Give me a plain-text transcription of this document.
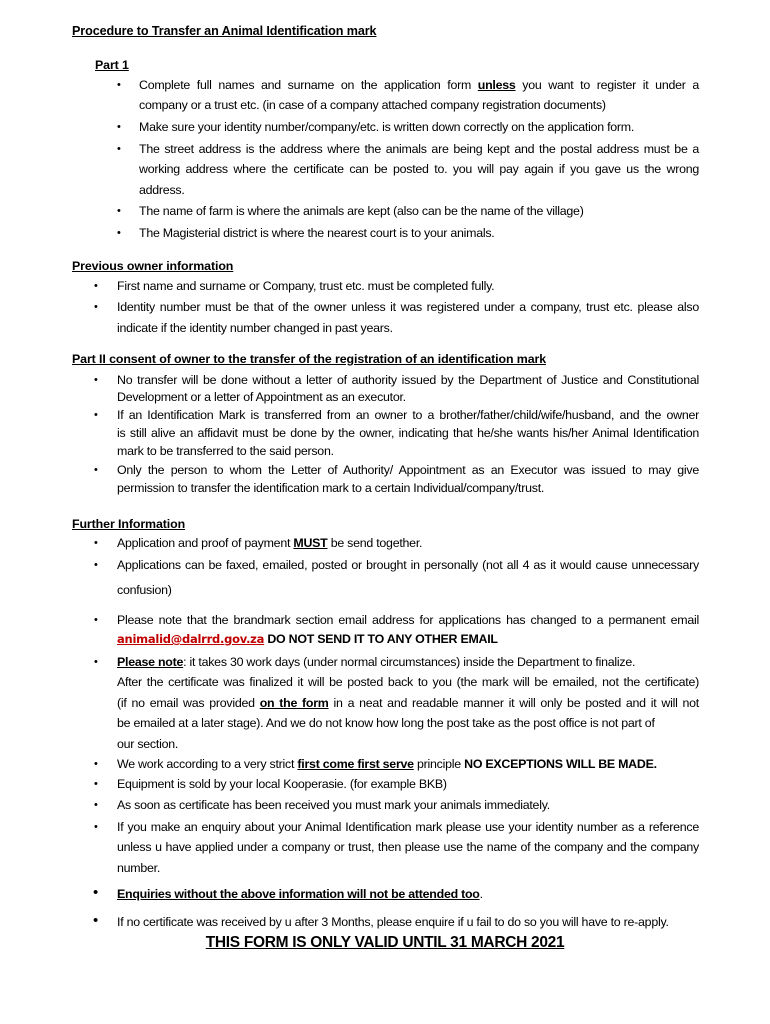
Procedure to Transfer an Animal Identification mark
Part 1
• Complete full names and surname on the application form unless you want to register it under a
company or a trust etc. (in case of a company attached company registration documents)
• Make sure your identity number/company/etc. is written down correctly on the application form.
• The street address is the address where the animals are being kept and the postal address must be a
working address where the certificate can be posted to. you will pay again if you gave us the wrong
address.
• The name of farm is where the animals are kept (also can be the name of the village)
• The Magisterial district is where the nearest court is to your animals.
Previous owner information
• First name and surname or Company, trust etc. must be completed fully.
• Identity number must be that of the owner unless it was registered under a company, trust etc. please also
indicate if the identity number changed in past years.
Part II consent of owner to the transfer of the registration of an identification mark
• No transfer will be done without a letter of authority issued by the Department of Justice and Constitutional
Development or a letter of Appointment as an executor.
• If an Identification Mark is transferred from an owner to a brother/father/child/wife/husband, and the owner
is still alive an affidavit must be done by the owner, indicating that he/she wants his/her Animal Identification
mark to be transferred to the said person.
• Only the person to whom the Letter of Authority/ Appointment as an Executor was issued to may give
permission to transfer the identification mark to a certain Individual/company/trust.
Further Information
• Application and proof of payment MUST be send together.
• Applications can be faxed, emailed, posted or brought in personally (not all 4 as it would cause unnecessary
confusion)
• Please note that the brandmark section email address for applications has changed to a permanent email
animalid@dalrrd.gov.za DO NOT SEND IT TO ANY OTHER EMAIL
• Please note: it takes 30 work days (under normal circumstances) inside the Department to finalize.
After the certificate was finalized it will be posted back to you (the mark will be emailed, not the certificate)
(if no email was provided on the form in a neat and readable manner it will only be posted and it will not
be emailed at a later stage). And we do not know how long the post take as the post office is not part of
our section.
• We work according to a very strict first come first serve principle NO EXCEPTIONS WILL BE MADE.
• Equipment is sold by your local Kooperasie. (for example BKB)
• As soon as certificate has been received you must mark your animals immediately.
• If you make an enquiry about your Animal Identification mark please use your identity number as a reference
unless u have applied under a company or trust, then please use the name of the company and the company
number.
• Enquiries without the above information will not be attended too.
• If no certificate was received by u after 3 Months, please enquire if u fail to do so you will have to re-apply.
THIS FORM IS ONLY VALID UNTIL 31 MARCH 2021
